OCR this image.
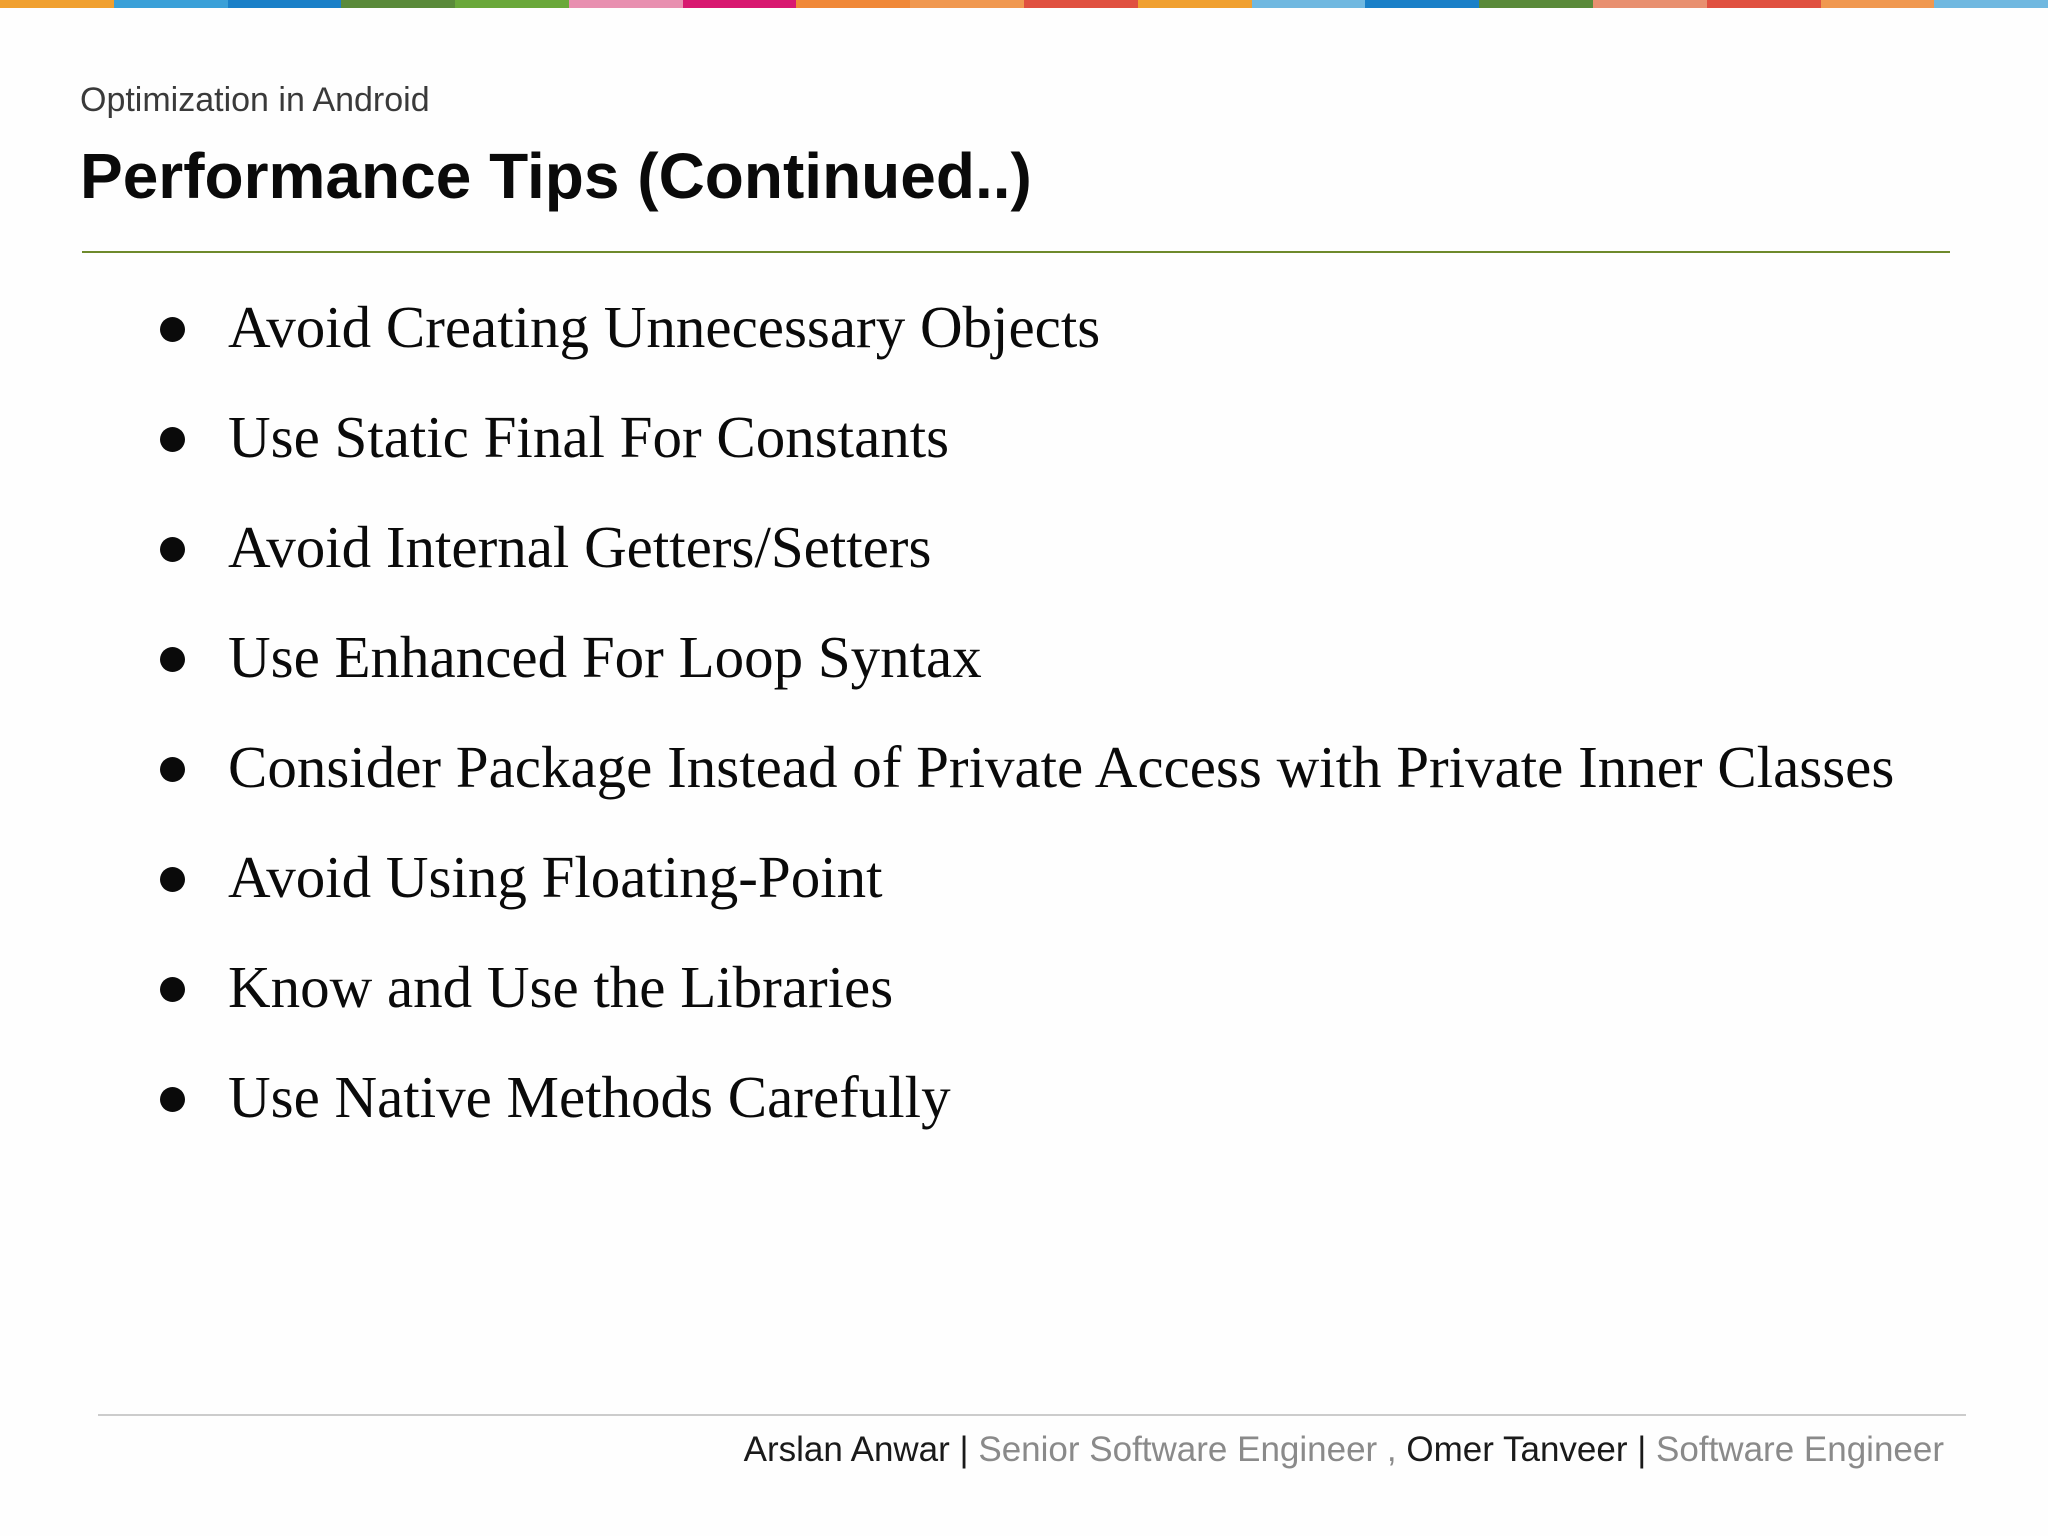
Optimization in Android
Performance Tips (Continued..)
Avoid Creating Unnecessary Objects
Use Static Final For Constants
Avoid Internal Getters/Setters
Use Enhanced For Loop Syntax
Consider Package Instead of Private Access with Private Inner Classes
Avoid Using Floating-Point
Know and Use the Libraries
Use Native Methods Carefully
Arslan Anwar | Senior Software Engineer , Omer Tanveer | Software Engineer
